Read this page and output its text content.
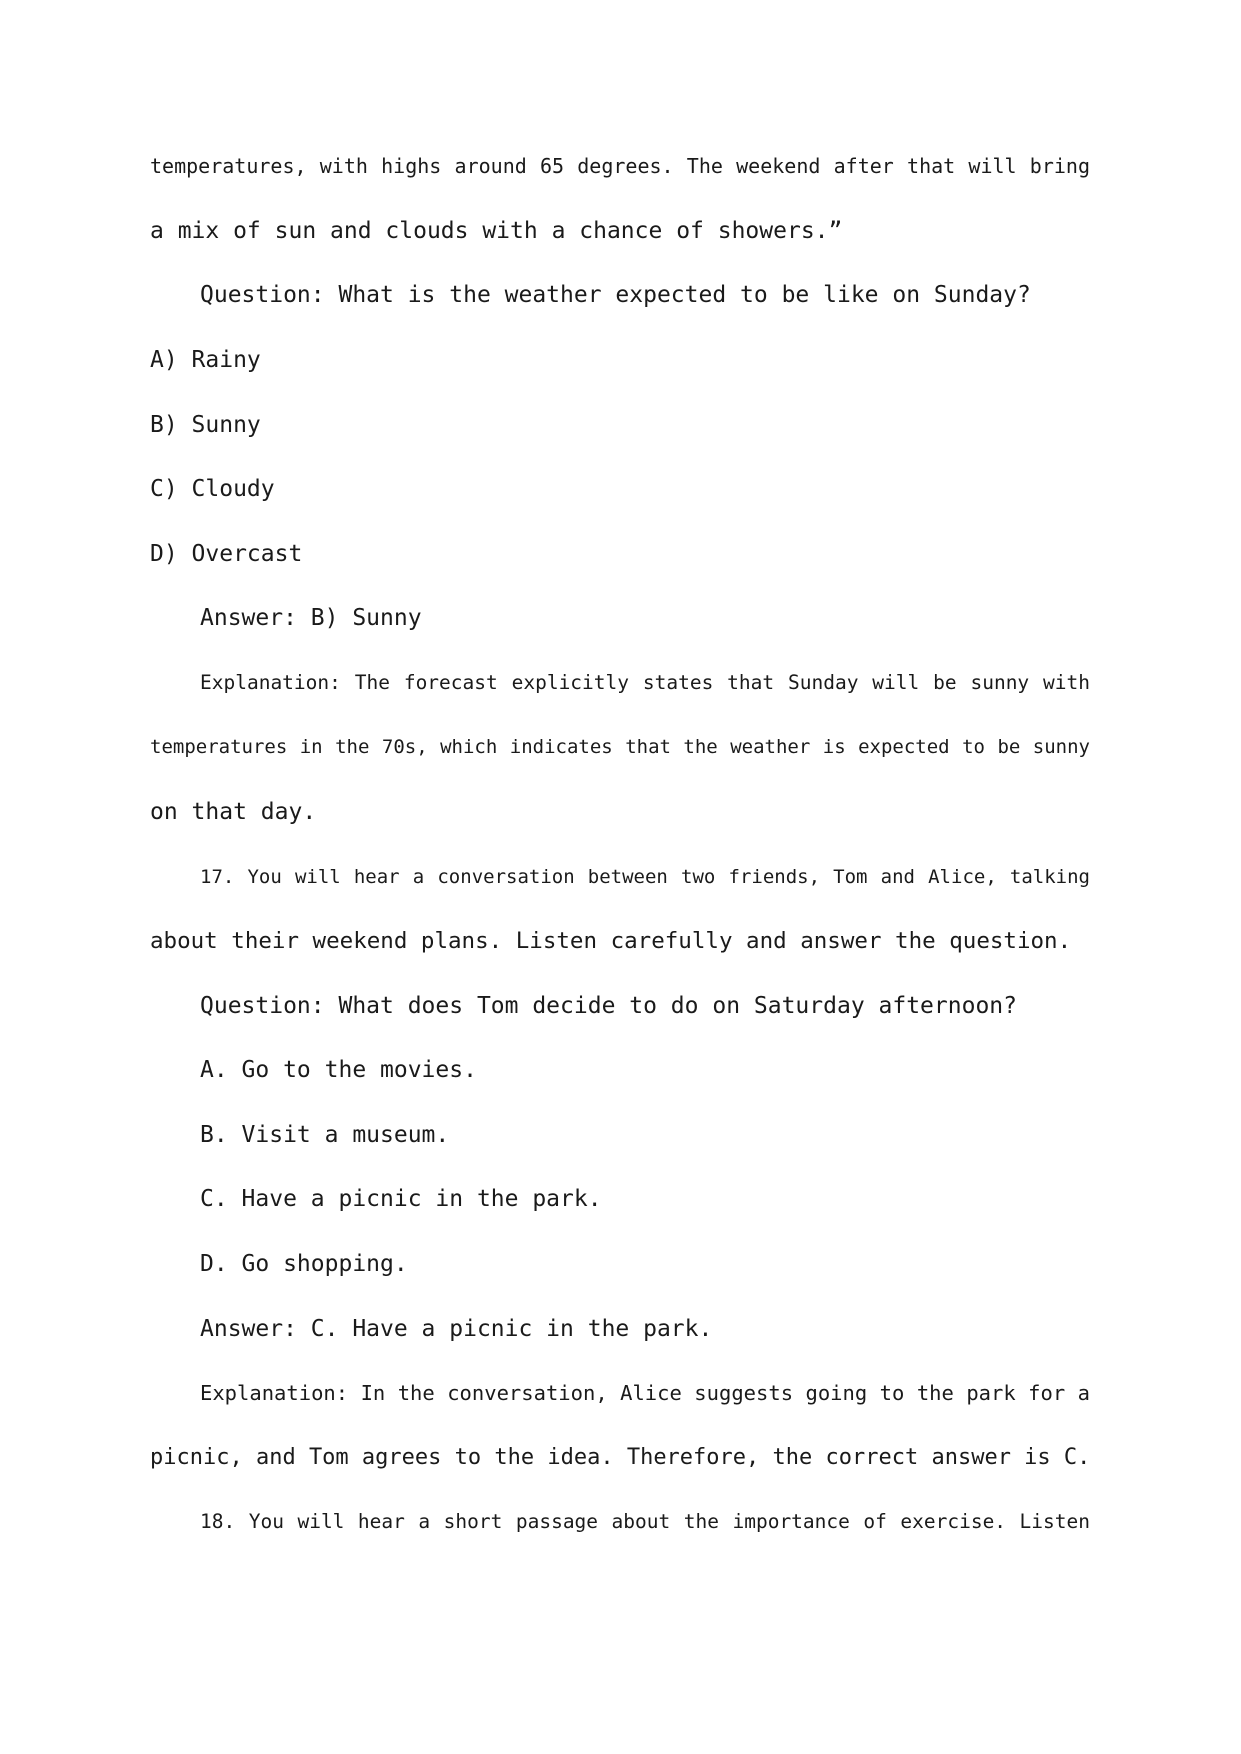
temperatures, with highs around 65 degrees. The weekend after that will bring

a mix of sun and clouds with a chance of showers.”

Question: What is the weather expected to be like on Sunday?

A) Rainy

B) Sunny

C) Cloudy

D) Overcast

Answer: B) Sunny

Explanation: The forecast explicitly states that Sunday will be sunny with

temperatures in the 70s, which indicates that the weather is expected to be sunny

on that day.

17. You will hear a conversation between two friends, Tom and Alice, talking

about their weekend plans. Listen carefully and answer the question.

Question: What does Tom decide to do on Saturday afternoon?

A. Go to the movies.

B. Visit a museum.

C. Have a picnic in the park.

D. Go shopping.

Answer: C. Have a picnic in the park.

Explanation: In the conversation, Alice suggests going to the park for a

picnic, and Tom agrees to the idea. Therefore, the correct answer is C.

18. You will hear a short passage about the importance of exercise. Listen
